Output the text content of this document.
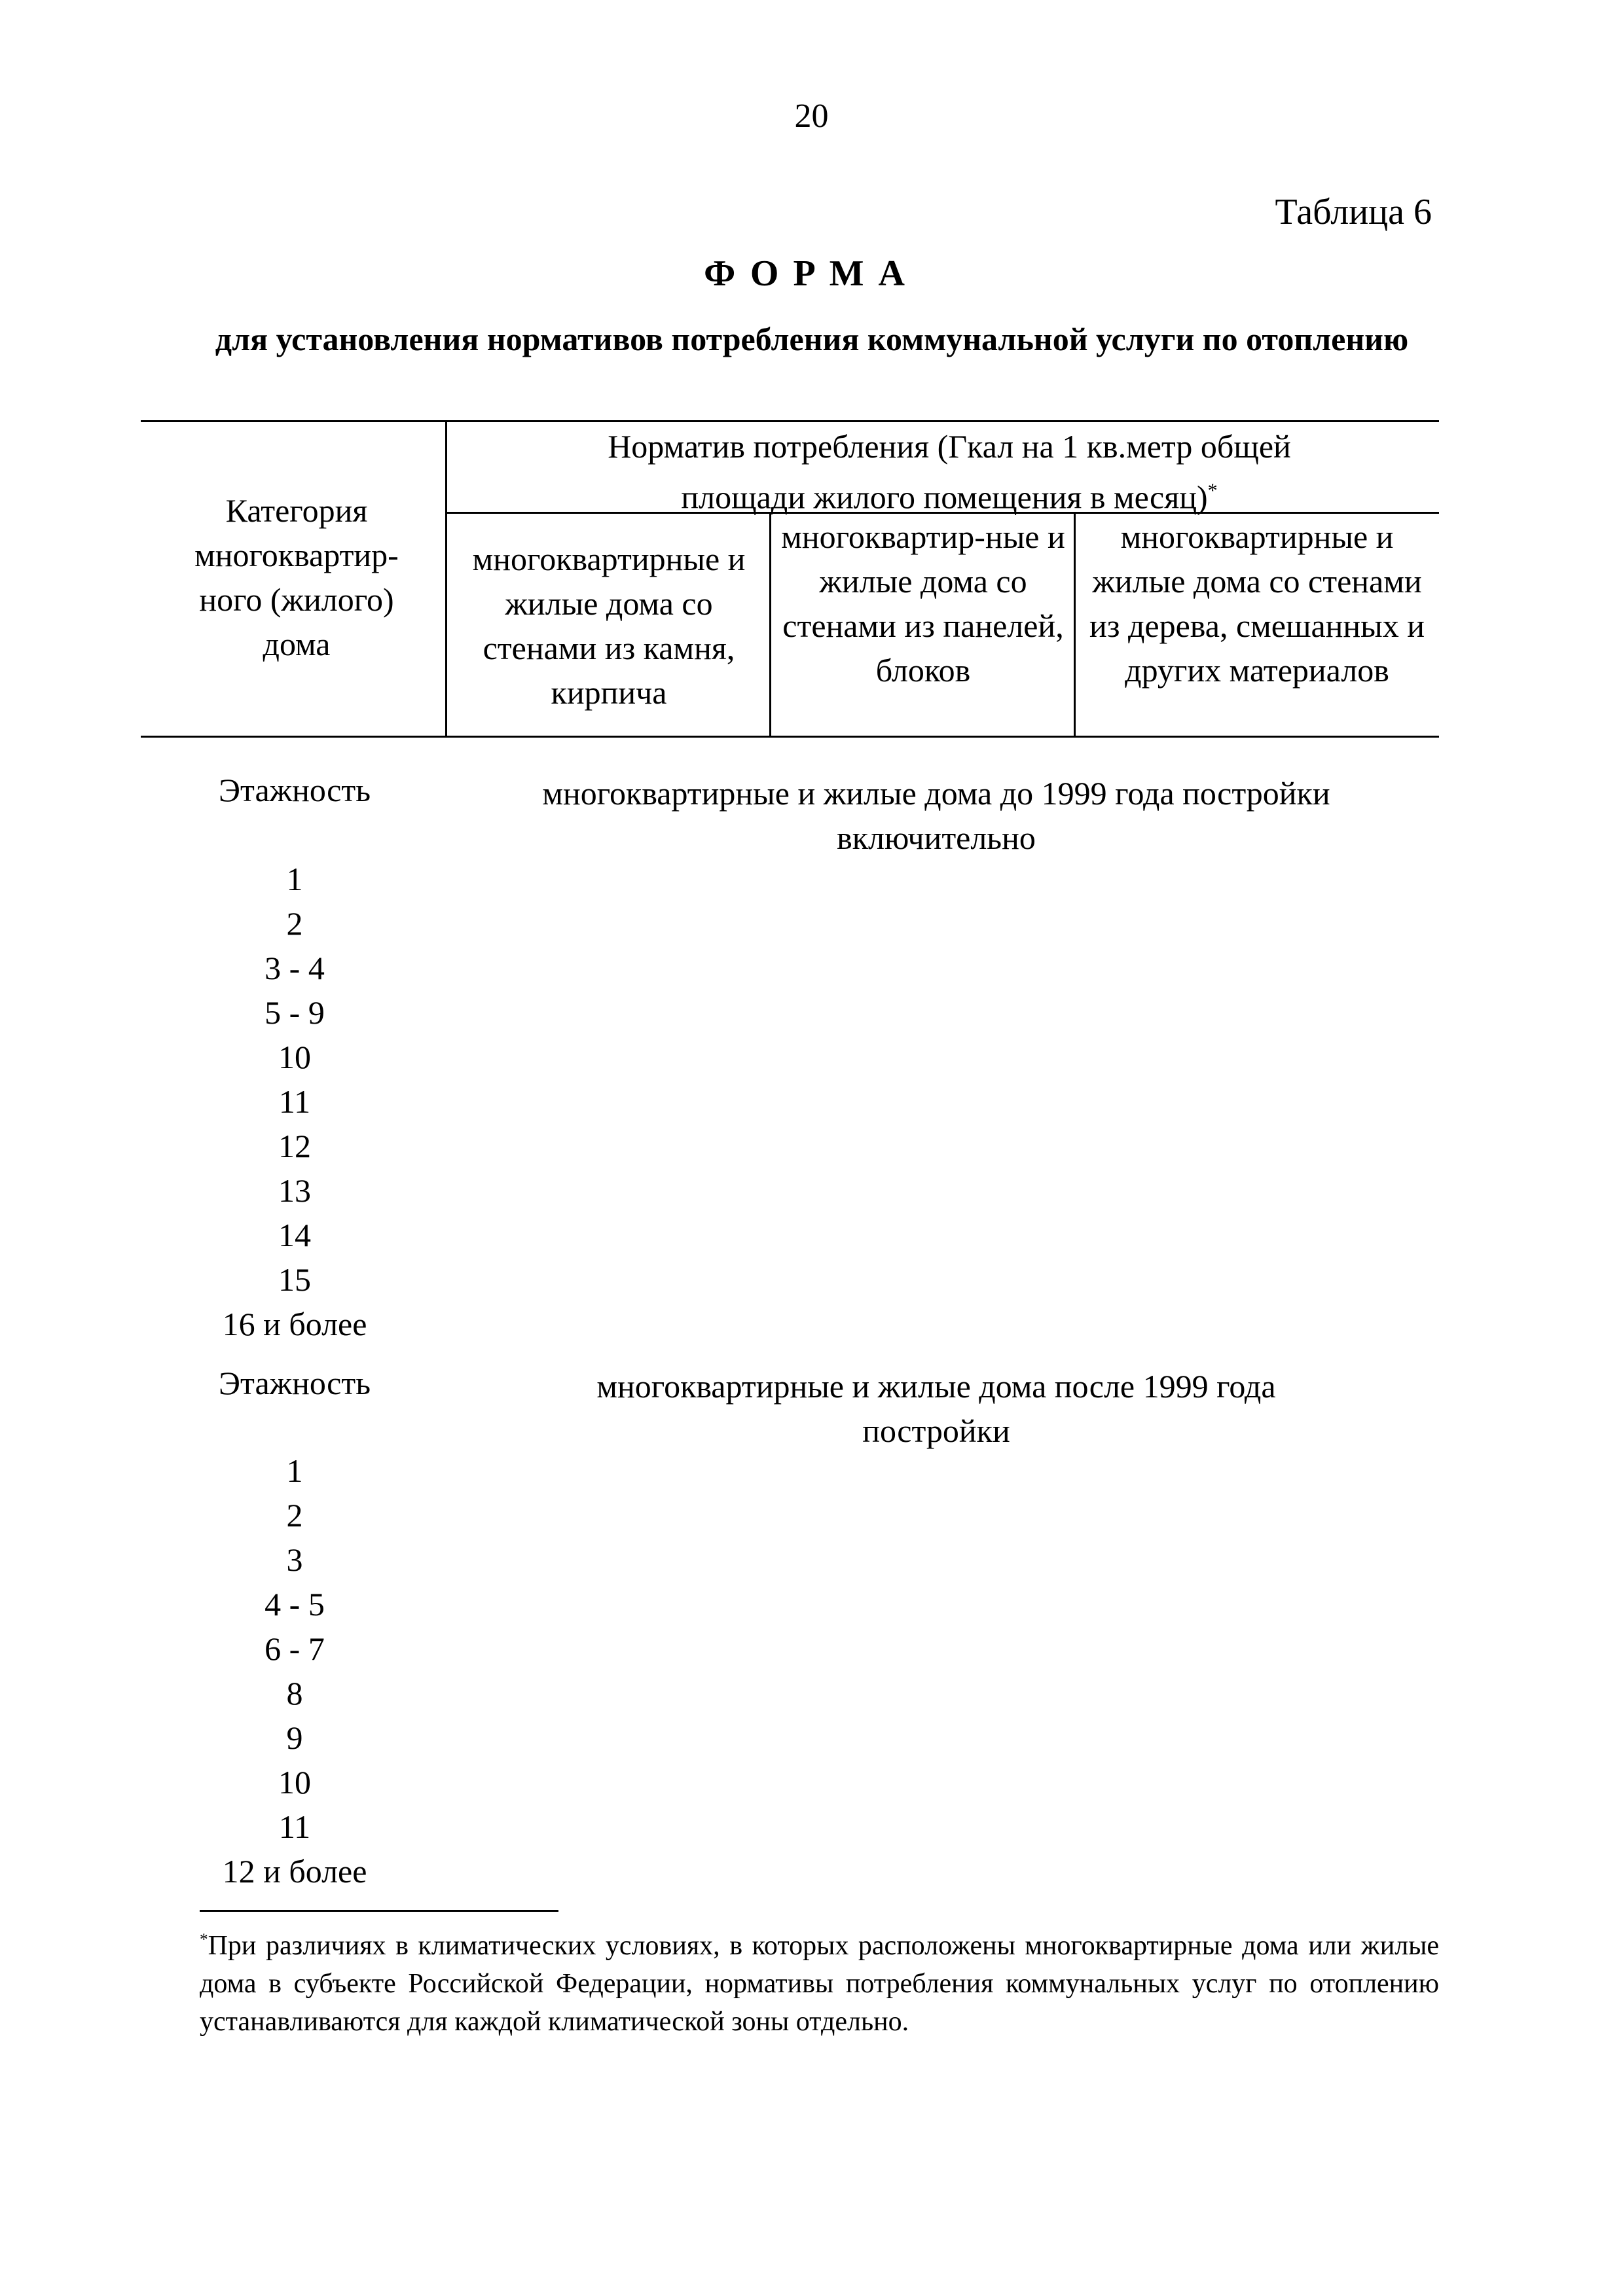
20
Таблица 6
ФОРМА
для установления нормативов потребления коммунальной услуги по отоплению
Категория многоквартир-ного (жилого) дома
Норматив потребления (Гкал на 1 кв.метр общей площади жилого помещения в месяц)*
многоквартирные и жилые дома со стенами из камня, кирпича
многоквартир-ные и жилые дома со стенами из панелей, блоков
многоквартирные и жилые дома со стенами из дерева, смешанных и других материалов
Этажность	многоквартирные и жилые дома до 1999 года постройки включительно
1
2
3 - 4
5 - 9
10
11
12
13
14
15
16 и более
Этажность	многоквартирные и жилые дома после 1999 года постройки
1
2
3
4 - 5
6 - 7
8
9
10
11
12 и более
*При различиях в климатических условиях, в которых расположены многоквартирные дома или жилые дома в субъекте Российской Федерации, нормативы потребления коммунальных услуг по отоплению устанавливаются для каждой климатической зоны отдельно.
